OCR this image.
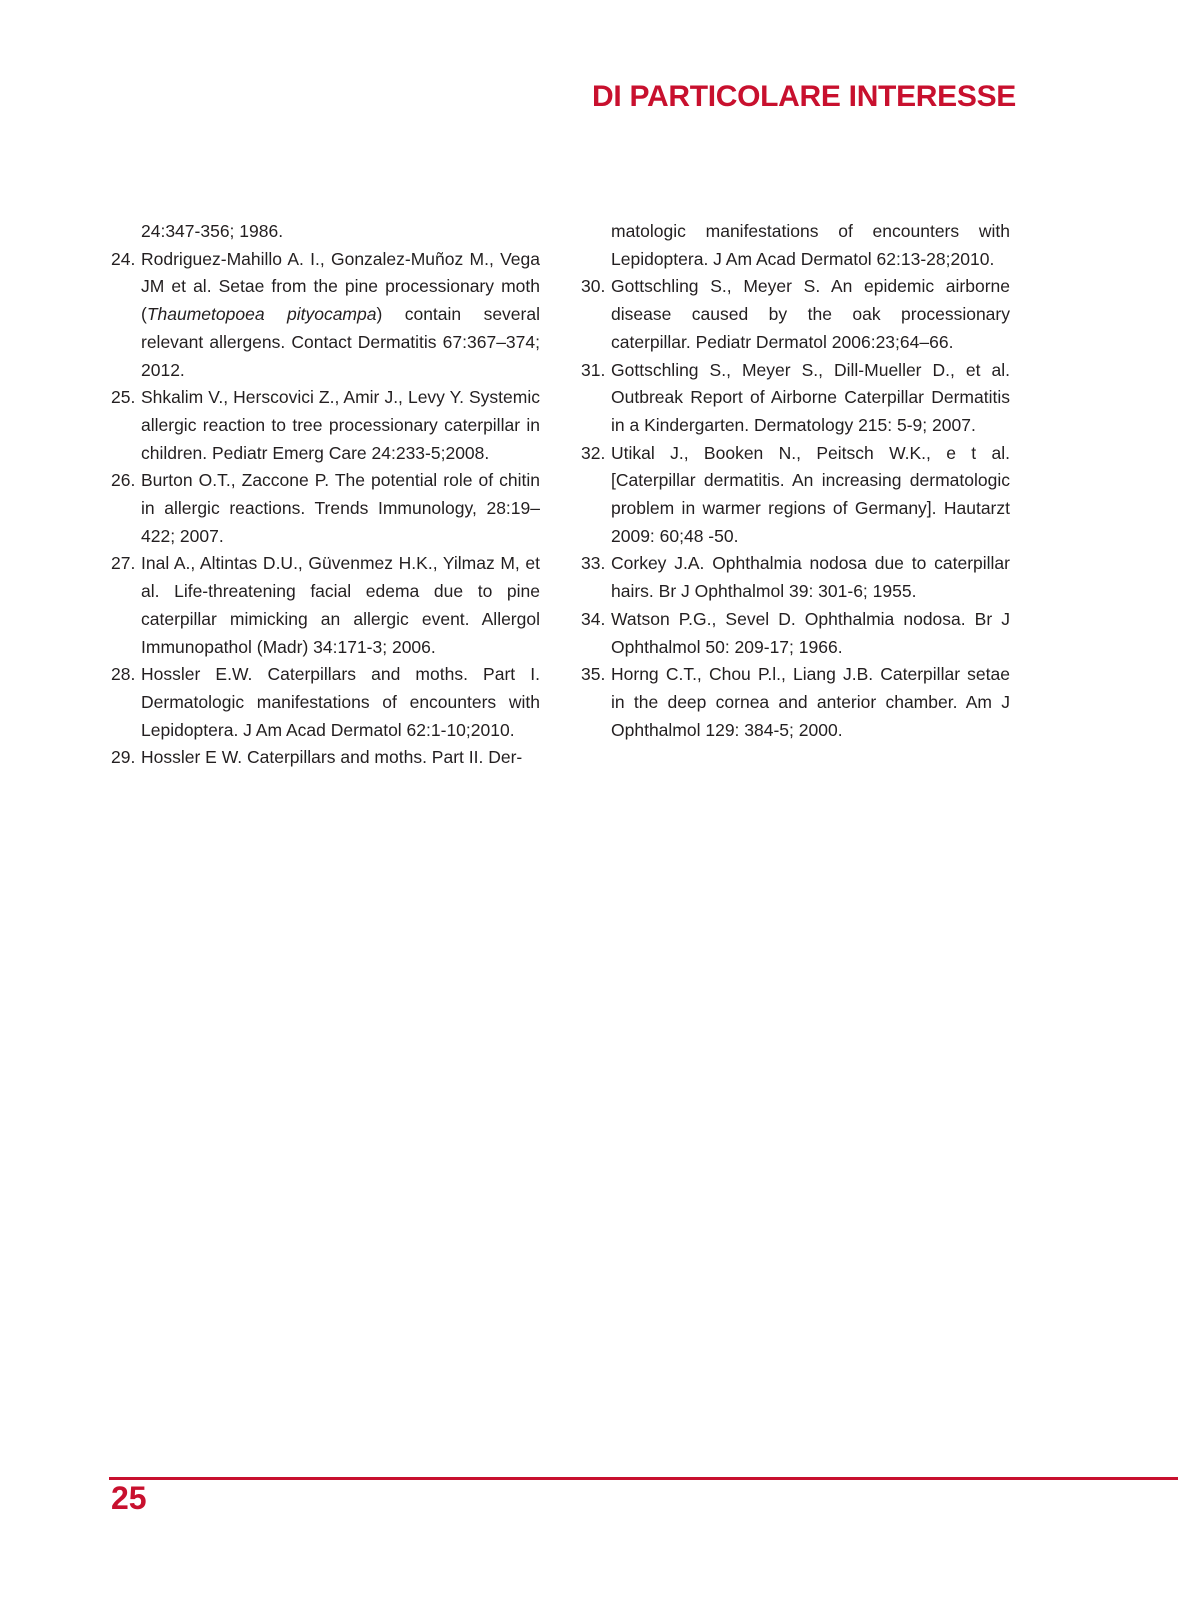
DI PARTICOLARE INTERESSE

24:347-356; 1986.

24. Rodriguez-Mahillo A. I., Gonzalez-Muñoz M., Vega JM et al. Setae from the pine processionary moth (Thaumetopoea pityocampa) contain several relevant allergens. Contact Dermatitis 67:367–374; 2012.

25. Shkalim V., Herscovici Z., Amir J., Levy Y. Systemic allergic reaction to tree processionary caterpillar in children. Pediatr Emerg Care 24:233-5;2008.

26. Burton O.T., Zaccone P. The potential role of chitin in allergic reactions. Trends Immunology, 28:19–422; 2007.

27. Inal A., Altintas D.U., Güvenmez H.K., Yilmaz M, et al. Life-threatening facial edema due to pine caterpillar mimicking an allergic event. Allergol Immunopathol (Madr) 34:171-3; 2006.

28. Hossler E.W. Caterpillars and moths. Part I. Dermatologic manifestations of encounters with Lepidoptera. J Am Acad Dermatol 62:1-10;2010.

29. Hossler E W. Caterpillars and moths. Part II. Der-

matologic manifestations of encounters with Lepidoptera. J Am Acad Dermatol 62:13-28;2010.

30. Gottschling S., Meyer S. An epidemic airborne disease caused by the oak processionary caterpillar. Pediatr Dermatol 2006:23;64–66.

31. Gottschling S., Meyer S., Dill-Mueller D., et al. Outbreak Report of Airborne Caterpillar Dermatitis in a Kindergarten. Dermatology 215: 5-9; 2007.

32. Utikal J., Booken N., Peitsch W.K., e t al. [Caterpillar dermatitis. An increasing dermatologic problem in warmer regions of Germany]. Hautarzt 2009: 60;48 -50.

33. Corkey J.A. Ophthalmia nodosa due to caterpillar hairs. Br J Ophthalmol 39: 301-6; 1955.

34. Watson P.G., Sevel D. Ophthalmia nodosa. Br J Ophthalmol 50: 209-17; 1966.

35. Horng C.T., Chou P.l., Liang J.B. Caterpillar setae in the deep cornea and anterior chamber. Am J Ophthalmol 129: 384-5; 2000.

25
